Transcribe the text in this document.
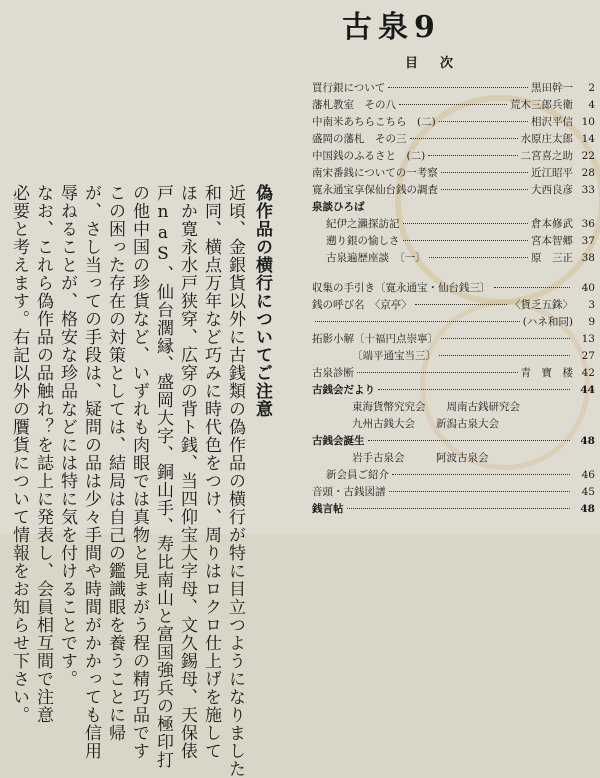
古泉9
目次
買行銀について	黒田幹一	2
藩札教室　その八	荒木三郎兵衛	4
中南米あちらこちら　(二)	相沢平信 10
盛岡の藩札　その三	水原庄太郎 14
中国銭のふるさと　(二)	二宮喜之助 22
南宋番銭についての一考察	近江昭平 28
寛永通宝享保仙台銭の調査	大西良彦 33
泉談ひろば
紀伊之瀨探訪記	倉本修武 36
遡り銀の愉しさ	宮本智郷 37
古泉遍歴座談　〔一〕	原　三正 38
収集の手引き〔寛永通宝・仙台銭三〕	40
銭の呼び名　〈京亭〉	〈貨乏五銖〉	3
(ハネ和同)	9
拓影小解〔十福円点崇寧〕	13
〔端平通宝当三〕	27
古泉診断	青　寶　楼 42
古銭会だより	44
東海貨幣究究会　　周南古銭研究会
九州古銭大会　　新潟古泉大会
古銭会誕生	48
岩手古泉会　　　阿波古泉会
新会員ご紹介	46
音頭・古銭図譜	45
銭言帖	48
偽作品の横行についてご注意
近頃、金銀貨以外に古銭類の偽作品の横行が特に目立つようになりました
和同、横点万年など巧みに時代色をつけ、周りはロクロ仕上げを施して
ほか寛永水戸狭穿、広穿の背ト銭、当四仰宝大字母、文久錫母、天保俵
戸naS、仙台濶縁、盛岡大字、銅山手、寿比南山と富国強兵の極印打
の他中国の珍貨など、いずれも肉眼では真物と見まがう程の精巧品です
この困った存在の対策としては、結局は自己の鑑識眼を養うことに帰
が、さし当っての手段は、疑問の品は少々手間や時間がかかっても信用
辱ねることが、格安な珍品などには特に気を付けることです。
なお、これら偽作品の品触れ？を誌上に発表し、会員相互間で注意
必要と考えます。右記以外の贋貨について情報をお知らせ下さい。
